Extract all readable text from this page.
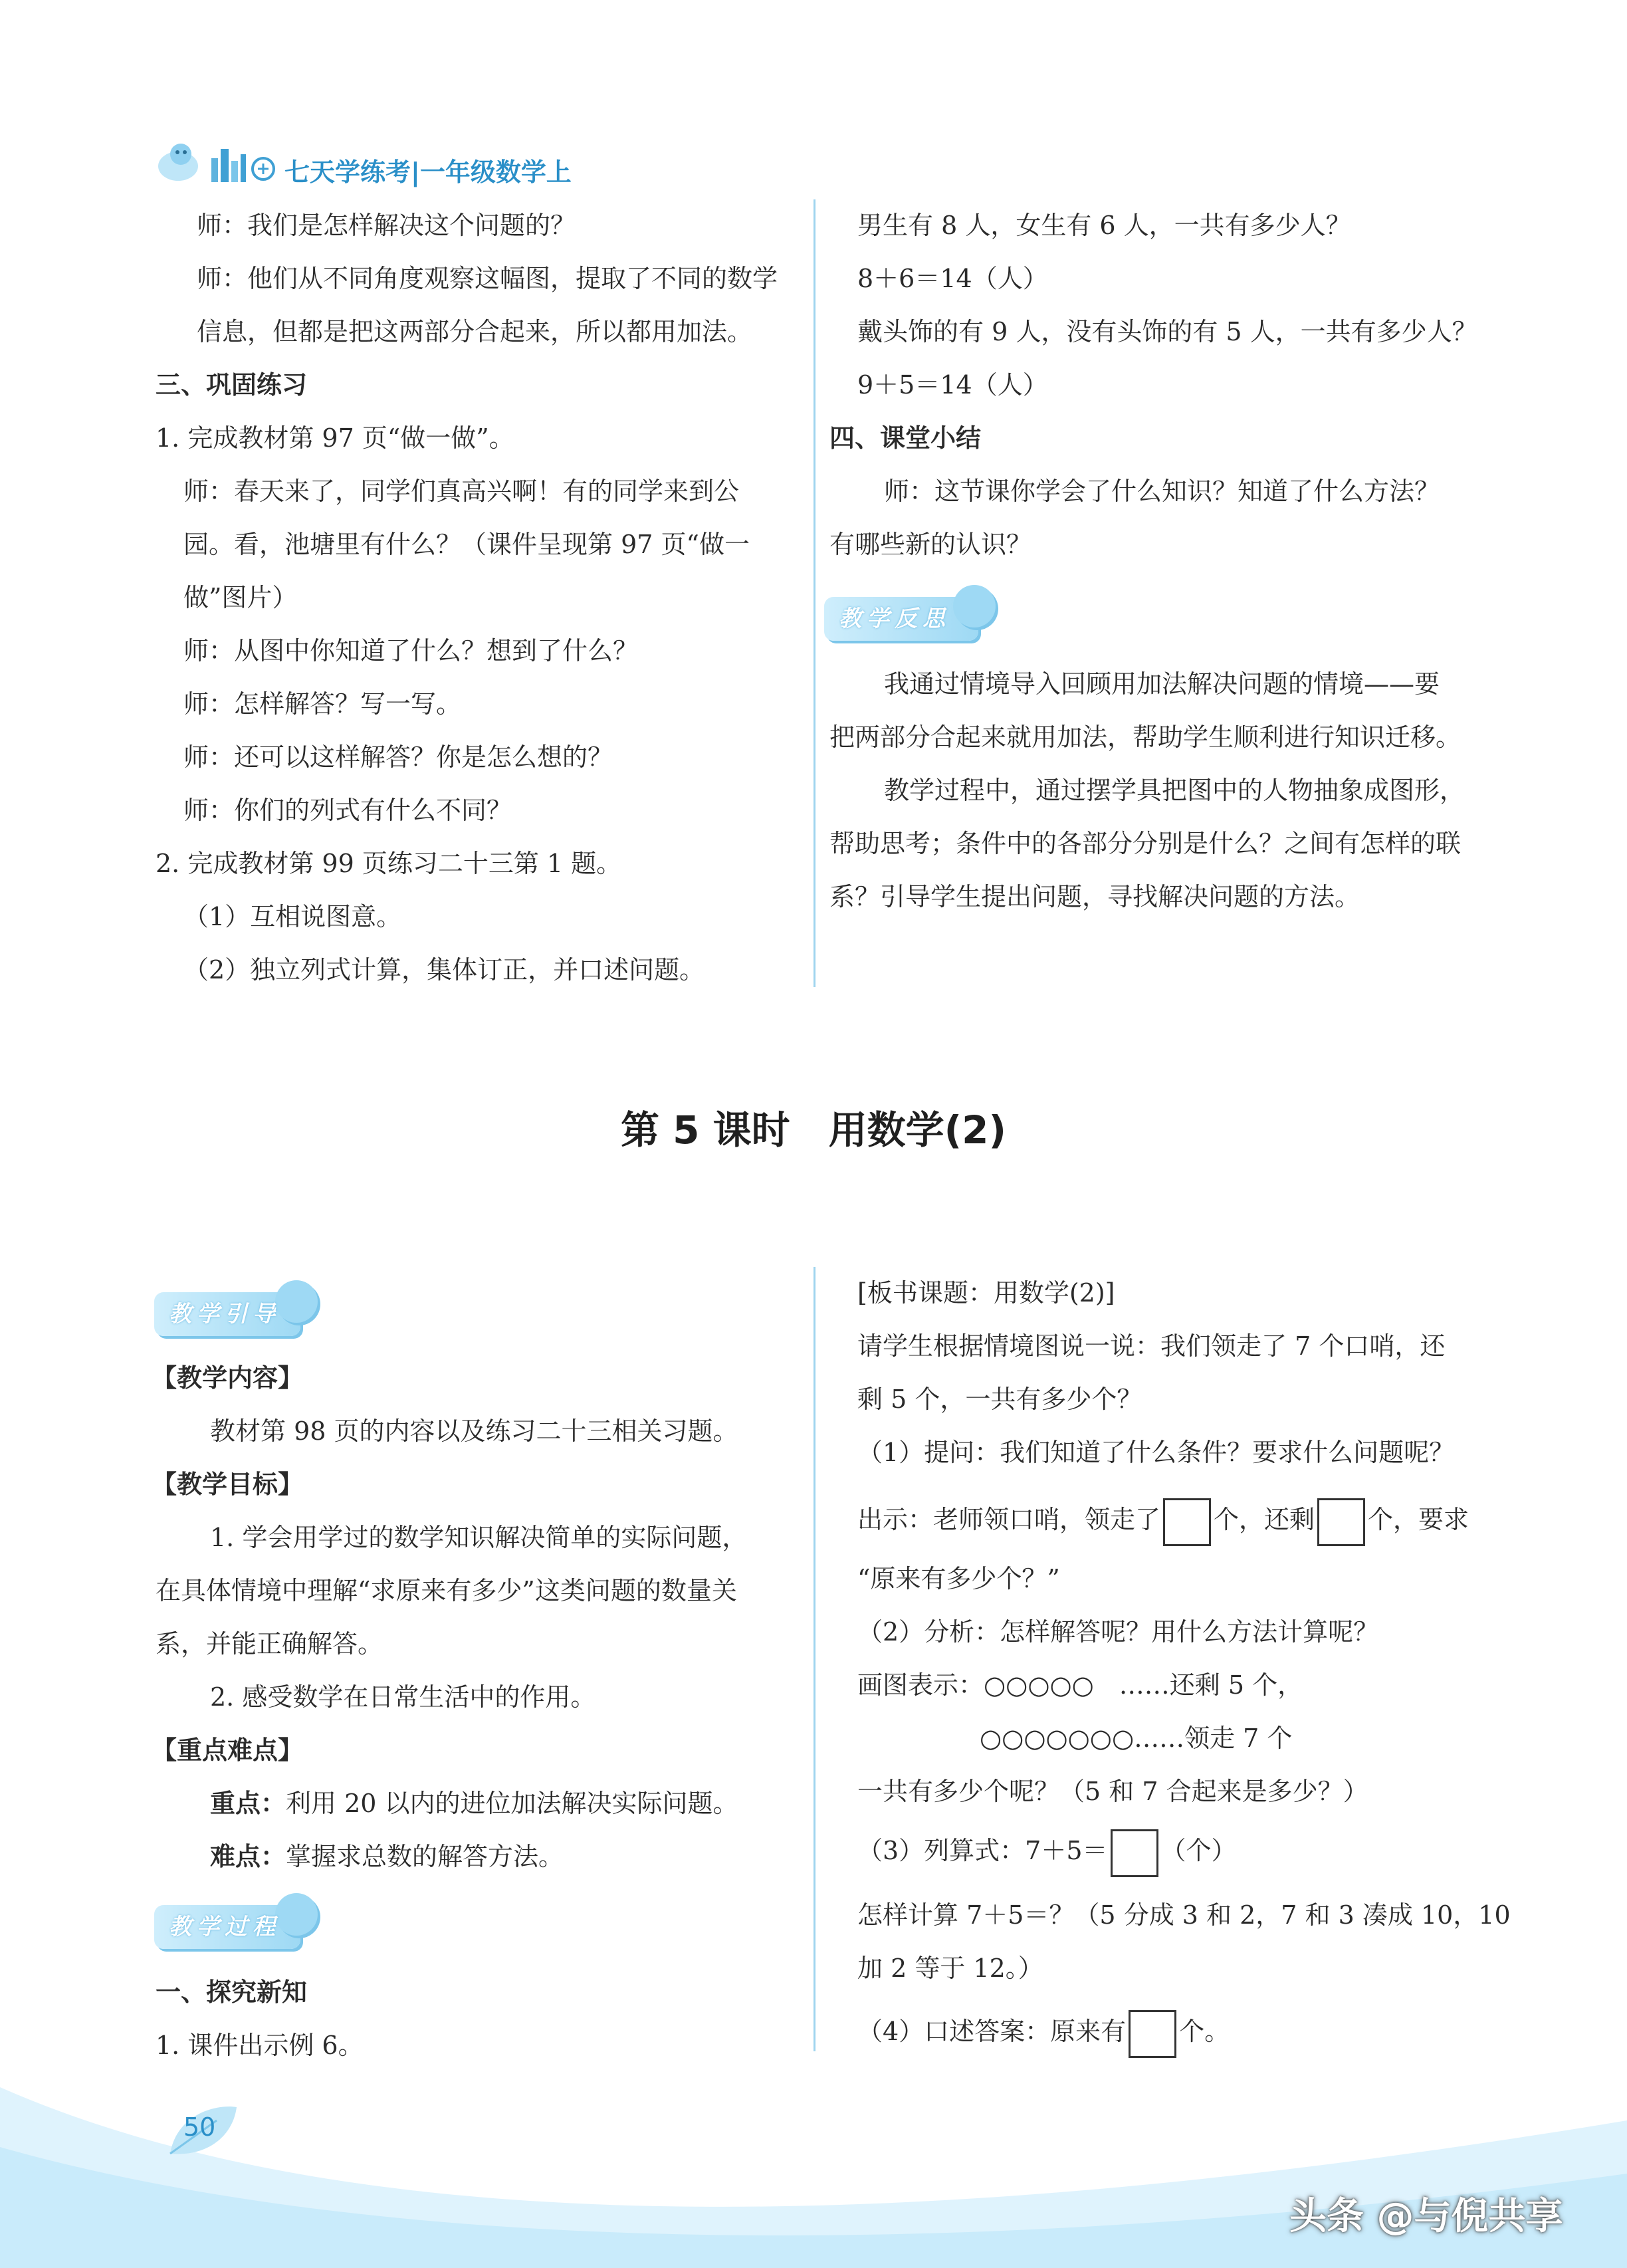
七天学练考|一年级数学上
师：我们是怎样解决这个问题的？
师：他们从不同角度观察这幅图，提取了不同的数学
信息，但都是把这两部分合起来，所以都用加法。
三、巩固练习
1. 完成教材第 97 页“做一做”。
师：春天来了，同学们真高兴啊！有的同学来到公
园。看，池塘里有什么？（课件呈现第 97 页“做一
做”图片）
师：从图中你知道了什么？想到了什么？
师：怎样解答？写一写。
师：还可以这样解答？你是怎么想的？
师：你们的列式有什么不同？
2. 完成教材第 99 页练习二十三第 1 题。
（1）互相说图意。
（2）独立列式计算，集体订正，并口述问题。
男生有 8 人，女生有 6 人，一共有多少人？
8＋6＝14（人）
戴头饰的有 9 人，没有头饰的有 5 人，一共有多少人？
9＋5＝14（人）
四、课堂小结
师：这节课你学会了什么知识？知道了什么方法？
有哪些新的认识？
教学反思
我通过情境导入回顾用加法解决问题的情境——要
把两部分合起来就用加法，帮助学生顺利进行知识迁移。
教学过程中，通过摆学具把图中的人物抽象成图形，
帮助思考；条件中的各部分分别是什么？之间有怎样的联
系？引导学生提出问题，寻找解决问题的方法。
第 5 课时　用数学(2)
教学引导
【教学内容】
教材第 98 页的内容以及练习二十三相关习题。
【教学目标】
1. 学会用学过的数学知识解决简单的实际问题，
在具体情境中理解“求原来有多少”这类问题的数量关
系，并能正确解答。
2. 感受数学在日常生活中的作用。
【重点难点】
重点：利用 20 以内的进位加法解决实际问题。
难点：掌握求总数的解答方法。
教学过程
一、探究新知
1. 课件出示例 6。
[板书课题：用数学(2)]
请学生根据情境图说一说：我们领走了 7 个口哨，还
剩 5 个，一共有多少个？
（1）提问：我们知道了什么条件？要求什么问题呢？
出示：老师领口哨，领走了 个，还剩 个，要求
“原来有多少个？”
（2）分析：怎样解答呢？用什么方法计算呢？
画图表示：○○○○○　……还剩 5 个，
○○○○○○○……领走 7 个
一共有多少个呢？（5 和 7 合起来是多少？）
（3）列算式：7＋5＝ （个）
怎样计算 7＋5＝？（5 分成 3 和 2，7 和 3 凑成 10，10
加 2 等于 12。）
（4）口述答案：原来有 个。
50
头条 @与倪共享
